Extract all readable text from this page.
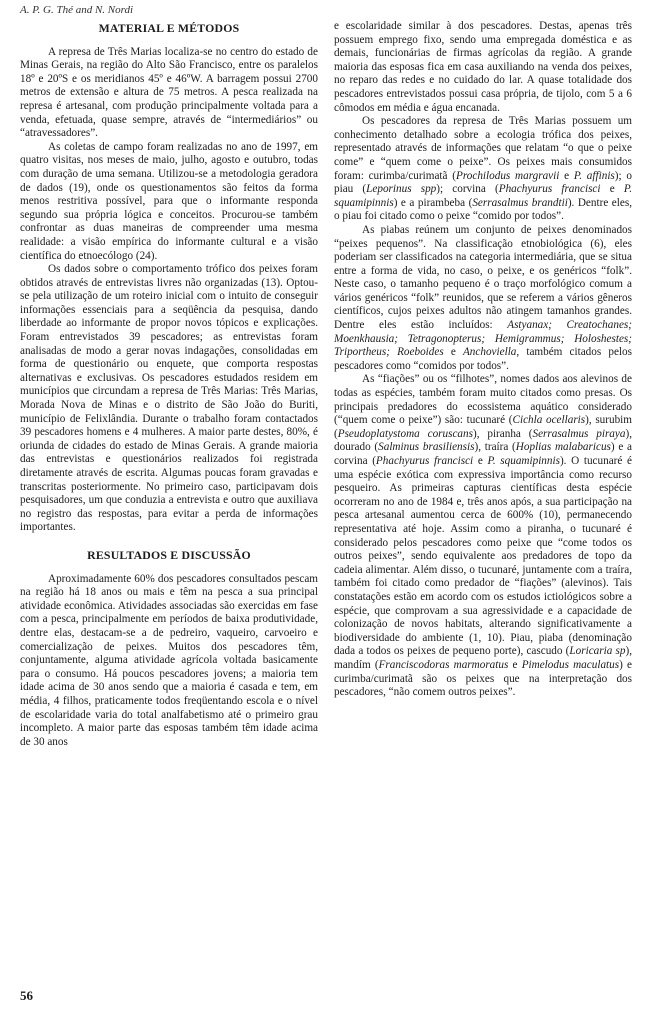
A. P. G. Thé and N. Nordi
MATERIAL E MÉTODOS

A represa de Três Marias localiza-se no centro do estado de Minas Gerais, na região do Alto São Francisco, entre os paralelos 18º e 20ºS e os meridianos 45º e 46ºW. A barragem possui 2700 metros de extensão e altura de 75 metros. A pesca realizada na represa é artesanal, com produção principalmente voltada para a venda, efetuada, quase sempre, através de “intermediários” ou “atravessadores”.

As coletas de campo foram realizadas no ano de 1997, em quatro visitas, nos meses de maio, julho, agosto e outubro, todas com duração de uma semana. Utilizou-se a metodologia geradora de dados (19), onde os questionamentos são feitos da forma menos restritiva possível, para que o informante responda segundo sua própria lógica e conceitos. Procurou-se também confrontar as duas maneiras de compreender uma mesma realidade: a visão empírica do informante cultural e a visão científica do etnoecólogo (24).

Os dados sobre o comportamento trófico dos peixes foram obtidos através de entrevistas livres não organizadas (13). Optou-se pela utilização de um roteiro inicial com o intuito de conseguir informações essenciais para a seqüência da pesquisa, dando liberdade ao informante de propor novos tópicos e explicações. Foram entrevistados 39 pescadores; as entrevistas foram analisadas de modo a gerar novas indagações, consolidadas em forma de questionário ou enquete, que comporta respostas alternativas e exclusivas. Os pescadores estudados residem em municípios que circundam a represa de Três Marias: Três Marias, Morada Nova de Minas e o distrito de São João do Buriti, município de Felixlândia. Durante o trabalho foram contactados 39 pescadores homens e 4 mulheres. A maior parte destes, 80%, é oriunda de cidades do estado de Minas Gerais. A grande maioria das entrevistas e questionários realizados foi registrada diretamente através de escrita. Algumas poucas foram gravadas e transcritas posteriormente. No primeiro caso, participavam dois pesquisadores, um que conduzia a entrevista e outro que auxiliava no registro das respostas, para evitar a perda de informações importantes.

RESULTADOS E DISCUSSÃO

Aproximadamente 60% dos pescadores consultados pescam na região há 18 anos ou mais e têm na pesca a sua principal atividade econômica. Atividades associadas são exercidas em fase com a pesca, principalmente em períodos de baixa produtividade, dentre elas, destacam-se a de pedreiro, vaqueiro, carvoeiro e comercialização de peixes. Muitos dos pescadores têm, conjuntamente, alguma atividade agrícola voltada basicamente para o consumo. Há poucos pescadores jovens; a maioria tem idade acima de 30 anos sendo que a maioria é casada e tem, em média, 4 filhos, praticamente todos freqüentando escola e o nível de escolaridade varia do total analfabetismo até o primeiro grau incompleto. A maior parte das esposas também têm idade acima de 30 anos

e escolaridade similar à dos pescadores. Destas, apenas três possuem emprego fixo, sendo uma empregada doméstica e as demais, funcionárias de firmas agrícolas da região. A grande maioria das esposas fica em casa auxiliando na venda dos peixes, no reparo das redes e no cuidado do lar. A quase totalidade dos pescadores entrevistados possui casa própria, de tijolo, com 5 a 6 cômodos em média e água encanada.

Os pescadores da represa de Três Marias possuem um conhecimento detalhado sobre a ecologia trófica dos peixes, representado através de informações que relatam “o que o peixe come” e “quem come o peixe”. Os peixes mais consumidos foram: curimba/curimatã (Prochilodus margravii e P. affinis); o piau (Leporinus spp); corvina (Phachyurus francisci e P. squamipinnis) e a pirambeba (Serrasalmus brandtii). Dentre eles, o piau foi citado como o peixe “comido por todos”.

As piabas reúnem um conjunto de peixes denominados “peixes pequenos”. Na classificação etnobiológica (6), eles poderiam ser classificados na categoria intermediária, que se situa entre a forma de vida, no caso, o peixe, e os genéricos “folk”. Neste caso, o tamanho pequeno é o traço morfológico comum a vários genéricos “folk” reunidos, que se referem a vários gêneros científicos, cujos peixes adultos não atingem tamanhos grandes. Dentre eles estão incluídos: Astyanax; Creatochanes; Moenkhausia; Tetragonopterus; Hemigrammus; Holoshestes; Triportheus; Roeboides e Anchoviella, também citados pelos pescadores como “comidos por todos”.

As “fiações” ou os “filhotes”, nomes dados aos alevinos de todas as espécies, também foram muito citados como presas. Os principais predadores do ecossistema aquático considerado (“quem come o peixe”) são: tucunaré (Cichla ocellaris), surubim (Pseudoplatystoma coruscans), piranha (Serrasalmus piraya), dourado (Salminus brasiliensis), traíra (Hoplias malabaricus) e a corvina (Phachyurus francisci e P. squamipinnis). O tucunaré é uma espécie exótica com expressiva importância como recurso pesqueiro. As primeiras capturas científicas desta espécie ocorreram no ano de 1984 e, três anos após, a sua participação na pesca artesanal aumentou cerca de 600% (10), permanecendo representativa até hoje. Assim como a piranha, o tucunaré é considerado pelos pescadores como peixe que “come todos os outros peixes”, sendo equivalente aos predadores de topo da cadeia alimentar. Além disso, o tucunaré, juntamente com a traíra, também foi citado como predador de “fiações” (alevinos). Tais constatações estão em acordo com os estudos ictiológicos sobre a espécie, que comprovam a sua agressividade e a capacidade de colonização de novos habitats, alterando significativamente a biodiversidade do ambiente (1, 10). Piau, piaba (denominação dada a todos os peixes de pequeno porte), cascudo (Loricaria sp), mandím (Franciscodoras marmoratus e Pimelodus maculatus) e curimba/curimatã são os peixes que na interpretação dos pescadores, “não comem outros peixes”.

56
